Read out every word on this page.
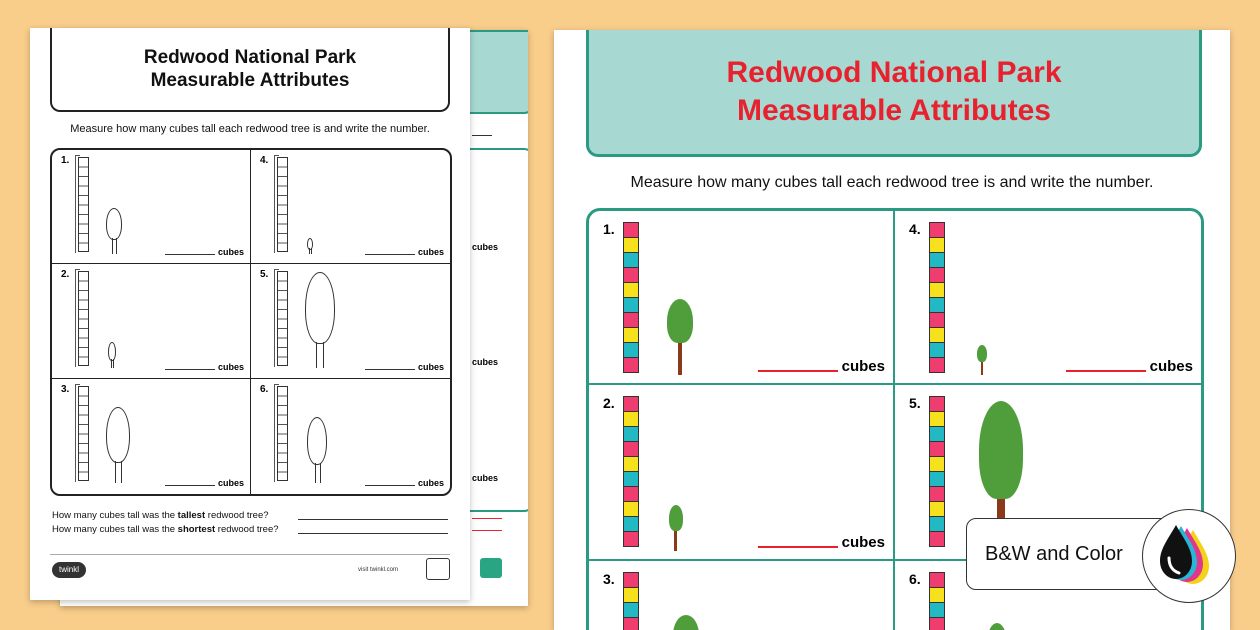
cubes
cubes
cubes
Redwood National Park
Measurable Attributes
Measure how many cubes tall each redwood tree is and write the number.
1.
cubes
4.
cubes
2.
cubes
5.
cubes
3.
cubes
6.
cubes
How many cubes tall was the tallest redwood tree?
How many cubes tall was the shortest redwood tree?
twinkl	visit twinkl.com
Redwood National Park
Measurable Attributes
Measure how many cubes tall each redwood tree is and write the number.
1.
cubes
4.
cubes
2.
cubes
5.
3.	6.
B&W and Color
